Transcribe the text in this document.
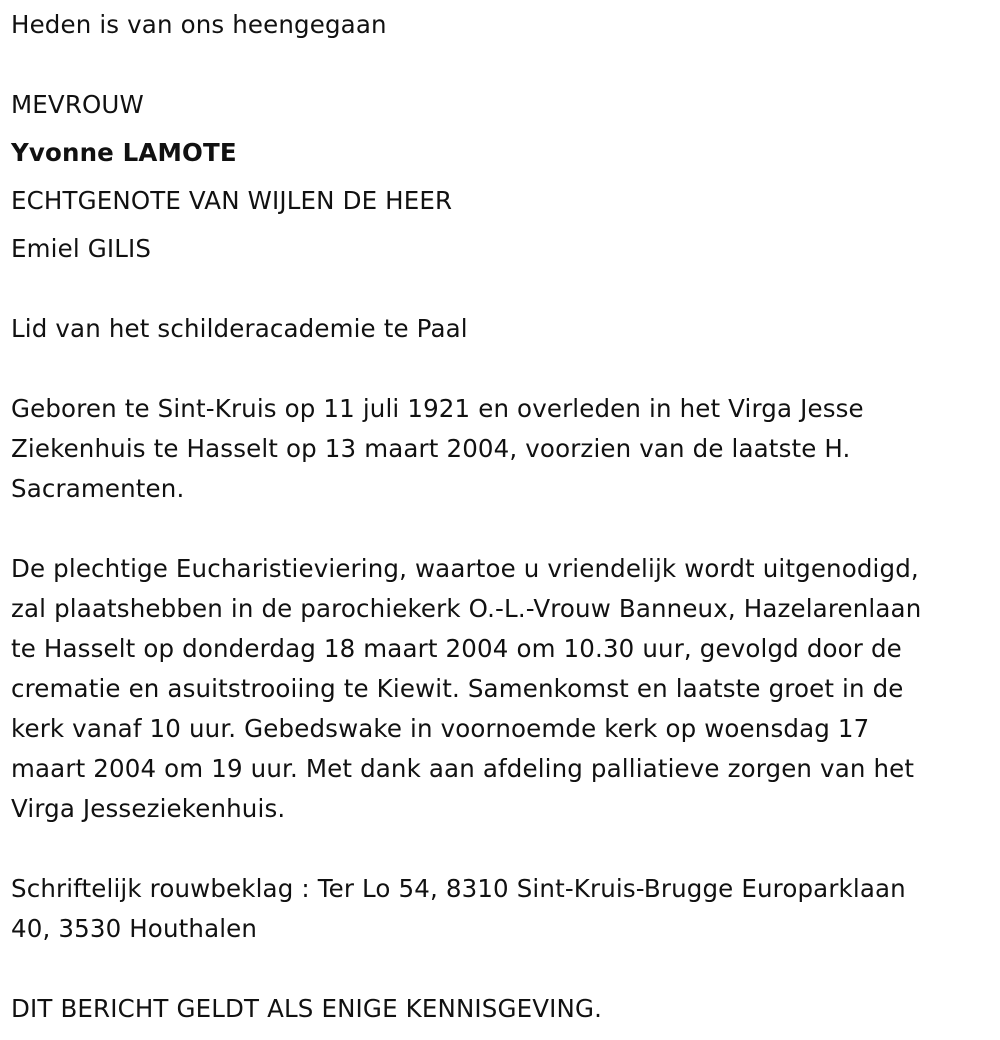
Heden is van ons heengegaan
MEVROUW
Yvonne LAMOTE
ECHTGENOTE VAN WIJLEN DE HEER
Emiel GILIS
Lid van het schilderacademie te Paal
Geboren te Sint-Kruis op 11 juli 1921 en overleden in het Virga Jesse
Ziekenhuis te Hasselt op 13 maart 2004, voorzien van de laatste H.
Sacramenten.
De plechtige Eucharistieviering, waartoe u vriendelijk wordt uitgenodigd,
zal plaatshebben in de parochiekerk O.-L.-Vrouw Banneux, Hazelarenlaan
te Hasselt op donderdag 18 maart 2004 om 10.30 uur, gevolgd door de
crematie en asuitstrooiing te Kiewit. Samenkomst en laatste groet in de
kerk vanaf 10 uur. Gebedswake in voornoemde kerk op woensdag 17
maart 2004 om 19 uur. Met dank aan afdeling palliatieve zorgen van het
Virga Jesseziekenhuis.
Schriftelijk rouwbeklag : Ter Lo 54, 8310 Sint-Kruis-Brugge Europarklaan
40, 3530 Houthalen
DIT BERICHT GELDT ALS ENIGE KENNISGEVING.
